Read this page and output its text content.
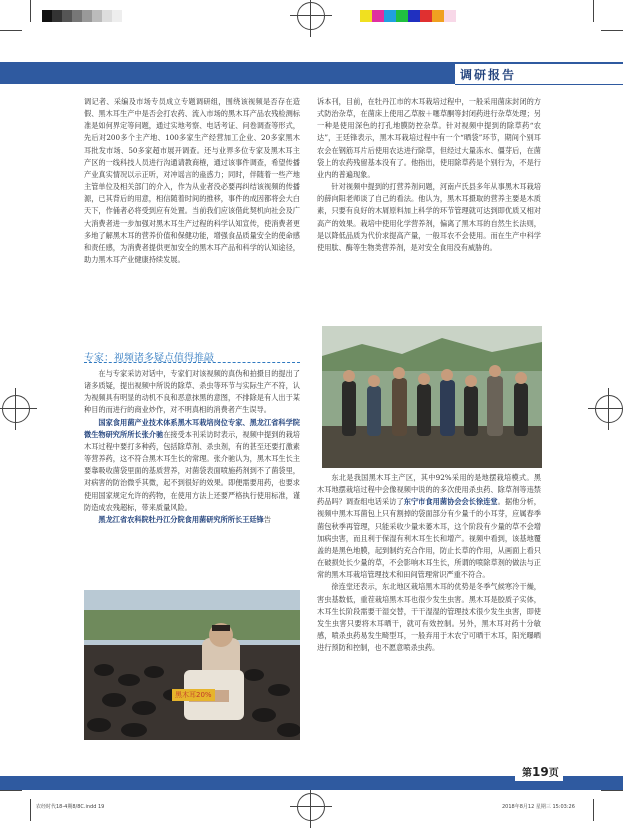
调研报告

调记者、采编及市场专员成立专题调研组，围绕该视频是否存在造假、黑木耳生产中是否会打农药、流入市场的黑木耳产品农残检测标准是如何界定等问题，通过实地考察、电话考证、问卷调查等形式，先后对200多个主产地、100多家生产经营加工企业、20多家黑木耳批发市场、50多家超市展开调查。还与业界多位专家及黑木耳主产区的一线科技人员进行沟通请教商榷，通过该事件调查，希望传播产业真实情况以示正听，对冲谣言的蛊惑力；同时，伴随着一些产地主管单位及相关部门的介入，作为从业者没必要再纠结该视频的传播源，已其背后的用意，相信随着时间的推移，事件的成因都将会大白天下，作俑者必将受到应有处置。当前我们应该借此契机向社会及广大消费者进一步加强对黑木耳生产过程的科学认知宣传，使消费者更多地了解黑木耳的营养价值和保健功能，增强食品质量安全的使命感和责任感，为消费者提供更加安全的黑木耳产品和科学的认知途径，助力黑木耳产业健康持续发展。

专家：视频诸多疑点值得推敲

在与专家采访对话中，专家们对该视频的真伪和拍摄目的提出了诸多质疑，提出视频中所说的除草、杀虫等环节与实际生产不符，认为视频具有明显的动机不良和恶意抹黑的意图，不排除是有人出于某种目的而进行的商业炒作，对不明真相的消费者产生误导。

国家食用菌产业技术体系黑木耳栽培岗位专家、黑龙江省科学院微生物研究所所长张介驰在接受本刊采访时表示，视频中提到的栽培木耳过程中要打多种药，包括除草剂、杀虫剂，有的甚至还要打激素等营养药，这不符合黑木耳生长的常理。张介驰认为，黑木耳生长主要靠吸收菌袋里面的基质营养，对菌袋表面喷施药剂到不了菌袋里，对病害的防治微乎其微，起不到很好的效果。即便需要用药，也要求使用国家规定允许的药物，在使用方法上还要严格执行使用标准，谨防造成农残超标，带来质量风险。

黑龙江省农科院牡丹江分院食用菌研究所所长王廷锋告

黑木耳20%

诉本刊，目前，在牡丹江市的木耳栽培过程中，一般采用菌床封闭的方式防治杂草，在菌床上使用乙草胺＋噻草酮等封闭药进行杂草处理；另一种是使用深色的打孔地膜防控杂草。针对视频中提到的除草药“农达”，王廷锋表示，黑木耳栽培过程中有一个“晒袋”环节，期间个别耳农会在钢筋耳片后使用农达进行除草，但经过大量冻水、僵芽后，在菌袋上的农药残留基本没有了。他指出，使用除草药是个别行为，不是行业内的普遍现象。

针对视频中提到的打营养剂问题，河南卢氏县多年从事黑木耳栽培的薛向阳老师谈了自己的看法。他认为，黑木耳摄取的营养主要是木质素，只要有良好的木屑原料加上科学的环节管理就可达到即优质又相对高产的效果。栽培中使用化学营养剂，偏离了黑木耳的自然生长法则，是以降低品质为代价求提高产量，一般耳农不会使用。而在生产中科学使用肽、酶等生物类营养剂，是对安全食用没有威胁的。

东北是我国黑木耳主产区，其中92%采用的是地摆栽培模式。黑木耳地摆栽培过程中会像视频中说的的多次使用杀虫药、除草剂等违禁药品吗？调查组电话采访了东宁市食用菌协会会长徐连堂。据他分析，视频中黑木耳菌包上只有割掉的袋面部分有少量千的小耳芽，应属春季菌包秋季再管理，只能采收少量未萎木耳，这个阶段有少量的草不会增加病虫害，而且利于保湿有利木耳生长和增产。视频中看到，该基地覆盖的是黑色地膜，起到制约充合作用，防止长草的作用，从画面上看只在破损处长少量的草，不会影响木耳生长，所谓的喷除草剂的做法与正常的黑木耳栽培管理技术和田间管理常识严重不符合。

徐连堂还表示，东北地区栽培黑木耳的优势是冬季气候寒冷干燥，害虫基数低，重茬栽培黑木耳也很少发生虫害。黑木耳是胶质子实体，木耳生长阶段需要干湿交替，干干湿湿的管理技术很少发生虫害，即使发生虫害只要将木耳晒干，就可有效控制。另外，黑木耳对药十分敏感，喷杀虫药易发生畸型耳，一般弃用于木农宁可晒干木耳，阳光曝晒进行预防和控制，也不愿意喷杀虫药。

第19页
农经时代18-4期8/8C.indd 19	2018年8月12 星期三 15:03:26
